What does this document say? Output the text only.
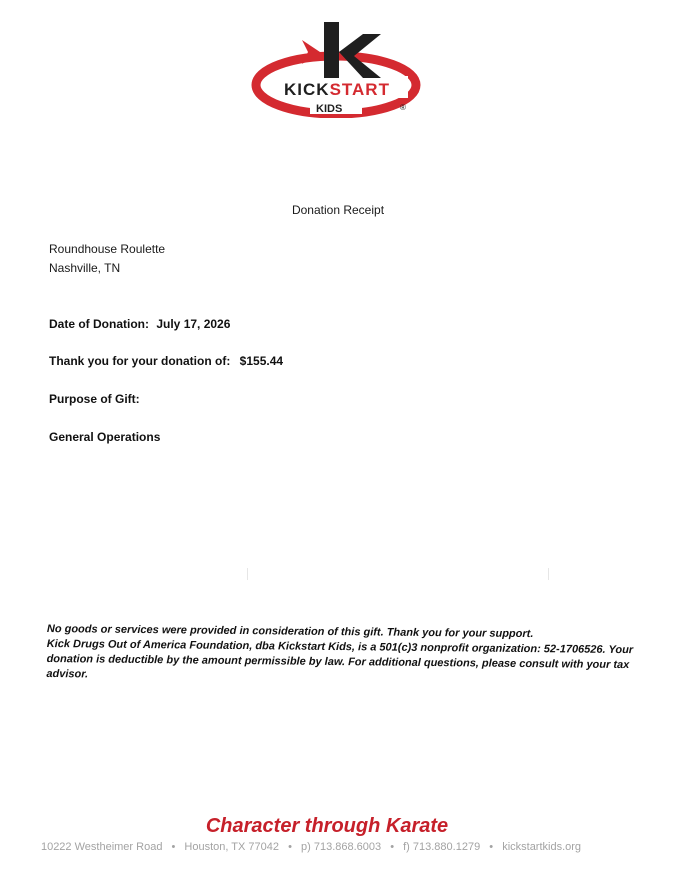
KICKSTART
KIDS	®
Donation Receipt
Roundhouse Roulette
Nashville, TN
Date of Donation: July 17, 2026
Thank you for your donation of: $155.44
Purpose of Gift:
General Operations

No goods or services were provided in consideration of this gift. Thank you for your support.

Kick Drugs Out of America Foundation, dba Kickstart Kids, is a 501(c)3 nonprofit organization: 52-1706526. Your donation is deductible by the amount permissible by law. For additional questions, please consult with your tax advisor.

Character through Karate
10222 Westheimer Road • Houston, TX 77042 • p) 713.868.6003 • f) 713.880.1279 • kickstartkids.org
